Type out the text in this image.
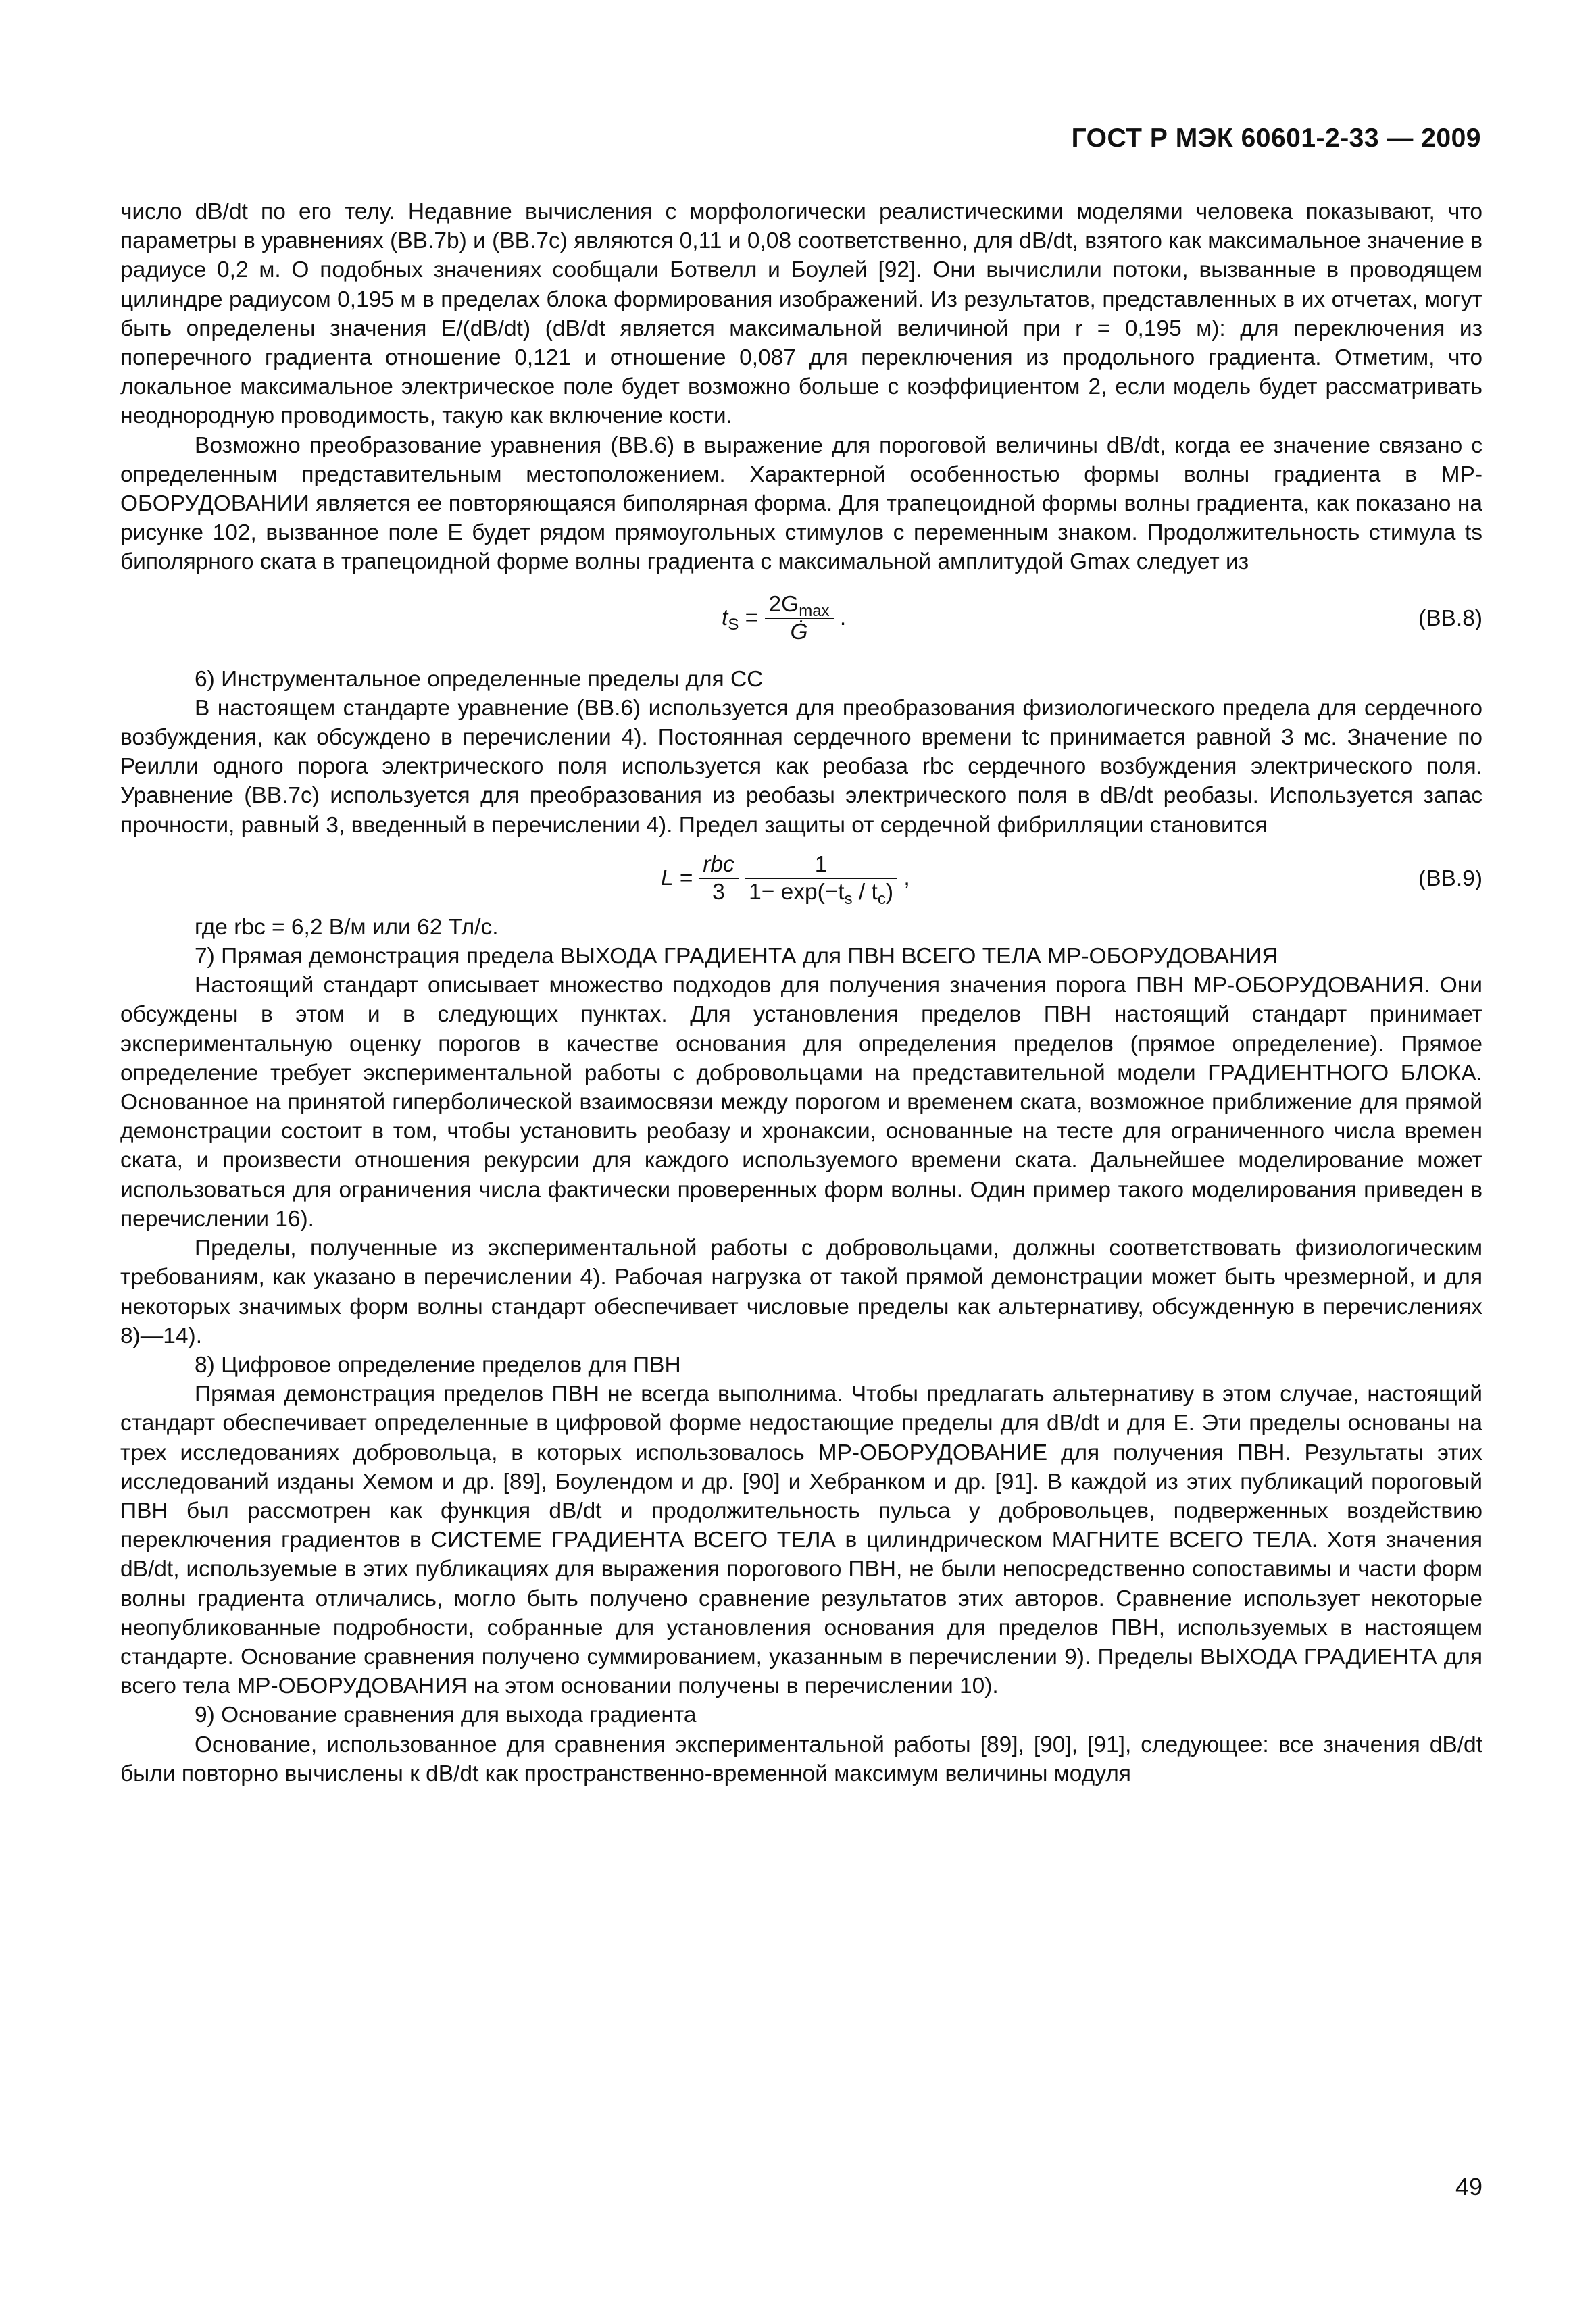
ГОСТ Р МЭК 60601-2-33 — 2009

число dB/dt по его телу. Недавние вычисления с морфологически реалистическими моделями человека показывают, что параметры в уравнениях (BB.7b) и (BB.7c) являются 0,11 и 0,08 соответственно, для dB/dt, взятого как максимальное значение в радиусе 0,2 м. О подобных значениях сообщали Ботвелл и Боулей [92]. Они вычислили потоки, вызванные в проводящем цилиндре радиусом 0,195 м в пределах блока формирования изображений. Из результатов, представленных в их отчетах, могут быть определены значения E/(dB/dt) (dB/dt является максимальной величиной при r = 0,195 м): для переключения из поперечного градиента отношение 0,121 и отношение 0,087 для переключения из продольного градиента. Отметим, что локальное максимальное электрическое поле будет возможно больше с коэффициентом 2, если модель будет рассматривать неоднородную проводимость, такую как включение кости.

Возможно преобразование уравнения (BB.6) в выражение для пороговой величины dB/dt, когда ее значение связано с определенным представительным местоположением. Характерной особенностью формы волны градиента в МР-ОБОРУДОВАНИИ является ее повторяющаяся биполярная форма. Для трапецоидной формы волны градиента, как показано на рисунке 102, вызванное поле E будет рядом прямоугольных стимулов с переменным знаком. Продолжительность стимула ts биполярного ската в трапецоидной форме волны градиента с максимальной амплитудой Gmax следует из

$t_S = \frac{2G_{max}}{Ġ}$ .	(BB.8)

6) Инструментальное определенные пределы для СС

В настоящем стандарте уравнение (BB.6) используется для преобразования физиологического предела для сердечного возбуждения, как обсуждено в перечислении 4). Постоянная сердечного времени tc принимается равной 3 мс. Значение по Реилли одного порога электрического поля используется как реобаза rbc сердечного возбуждения электрического поля. Уравнение (BB.7c) используется для преобразования из реобазы электрического поля в dB/dt реобазы. Используется запас прочности, равный 3, введенный в перечислении 4). Предел защиты от сердечной фибрилляции становится

$L = \frac{\text{rbc}}{3}$
$\frac{1}{1- \exp(-t_s / t_c)}$ ,	(BB.9)

где rbc = 6,2 В/м или 62 Тл/с.

7) Прямая демонстрация предела ВЫХОДА ГРАДИЕНТА для ПВН ВСЕГО ТЕЛА МР-ОБОРУДОВАНИЯ

Настоящий стандарт описывает множество подходов для получения значения порога ПВН МР-ОБОРУДОВАНИЯ. Они обсуждены в этом и в следующих пунктах. Для установления пределов ПВН настоящий стандарт принимает экспериментальную оценку порогов в качестве основания для определения пределов (прямое определение). Прямое определение требует экспериментальной работы с добровольцами на представительной модели ГРАДИЕНТНОГО БЛОКА. Основанное на принятой гиперболической взаимосвязи между порогом и временем ската, возможное приближение для прямой демонстрации состоит в том, чтобы установить реобазу и хронаксии, основанные на тесте для ограниченного числа времен ската, и произвести отношения рекурсии для каждого используемого времени ската. Дальнейшее моделирование может использоваться для ограничения числа фактически проверенных форм волны. Один пример такого моделирования приведен в перечислении 16).

Пределы, полученные из экспериментальной работы с добровольцами, должны соответствовать физиологическим требованиям, как указано в перечислении 4). Рабочая нагрузка от такой прямой демонстрации может быть чрезмерной, и для некоторых значимых форм волны стандарт обеспечивает числовые пределы как альтернативу, обсужденную в перечислениях 8)—14).

8) Цифровое определение пределов для ПВН

Прямая демонстрация пределов ПВН не всегда выполнима. Чтобы предлагать альтернативу в этом случае, настоящий стандарт обеспечивает определенные в цифровой форме недостающие пределы для dB/dt и для E. Эти пределы основаны на трех исследованиях добровольца, в которых использовалось МР-ОБОРУДОВАНИЕ для получения ПВН. Результаты этих исследований изданы Хемом и др. [89], Боулендом и др. [90] и Хебранком и др. [91]. В каждой из этих публикаций пороговый ПВН был рассмотрен как функция dB/dt и продолжительность пульса у добровольцев, подверженных воздействию переключения градиентов в СИСТЕМЕ ГРАДИЕНТА ВСЕГО ТЕЛА в цилиндрическом МАГНИТЕ ВСЕГО ТЕЛА. Хотя значения dB/dt, используемые в этих публикациях для выражения порогового ПВН, не были непосредственно сопоставимы и части форм волны градиента отличались, могло быть получено сравнение результатов этих авторов. Сравнение использует некоторые неопубликованные подробности, собранные для установления основания для пределов ПВН, используемых в настоящем стандарте. Основание сравнения получено суммированием, указанным в перечислении 9). Пределы ВЫХОДА ГРАДИЕНТА для всего тела МР-ОБОРУДОВАНИЯ на этом основании получены в перечислении 10).

9) Основание сравнения для выхода градиента

Основание, использованное для сравнения экспериментальной работы [89], [90], [91], следующее: все значения dB/dt были повторно вычислены к dB/dt как пространственно-временной максимум величины модуля

49
